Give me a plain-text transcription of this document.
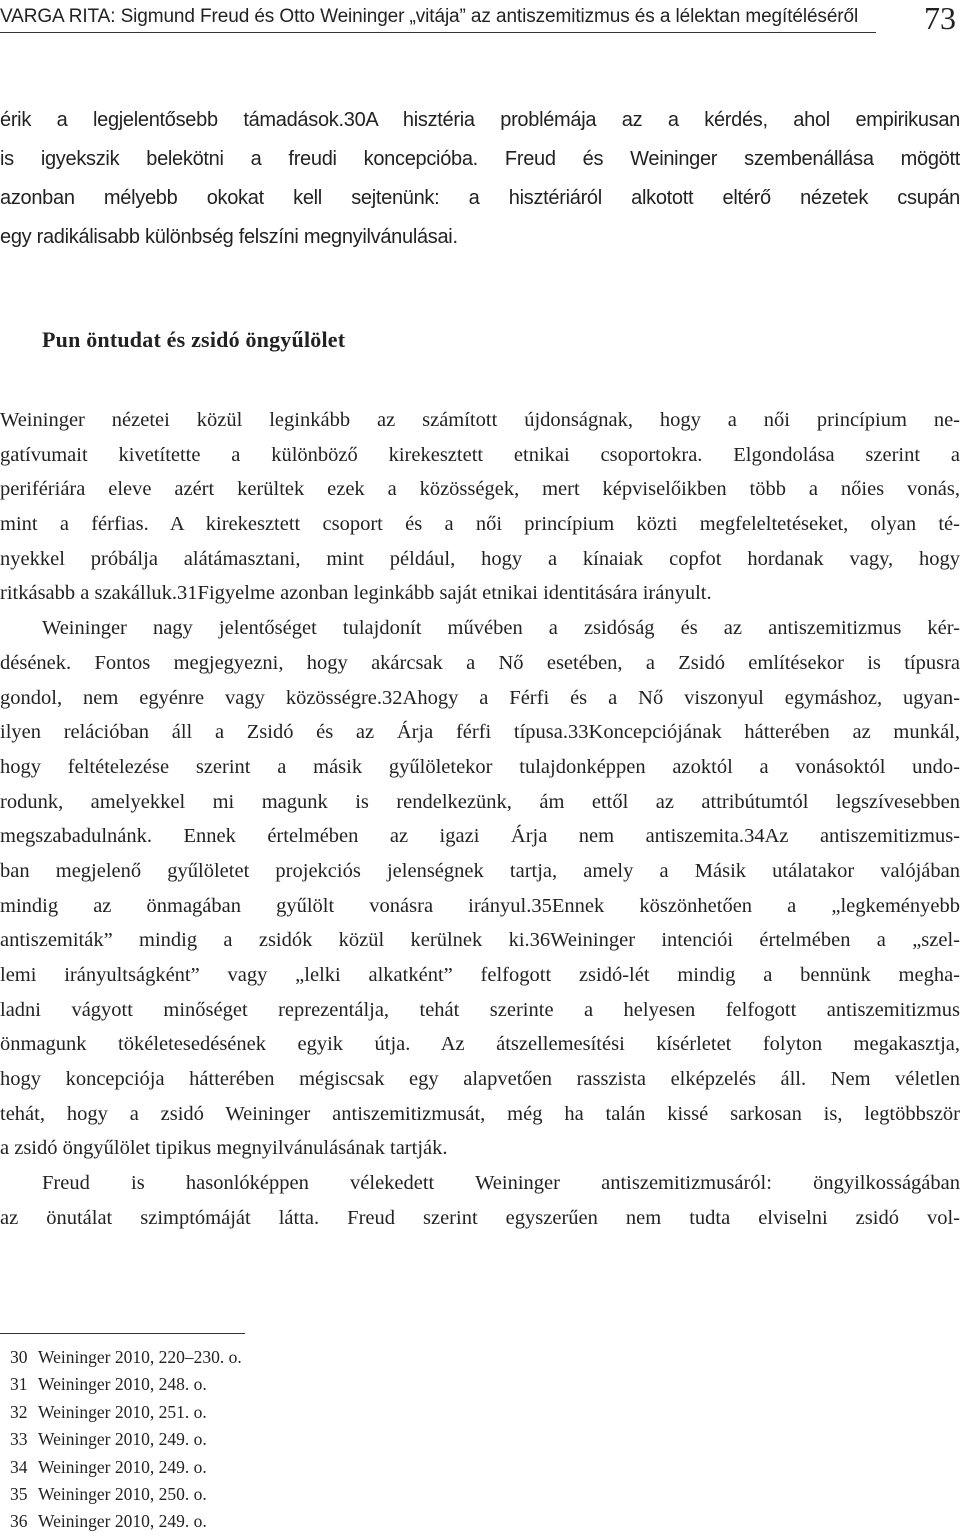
VARGA RITA: Sigmund Freud és Otto Weininger „vitája” az antiszemitizmus és a lélektan megítéléséről 73
érik a legjelentősebb támadások.30A hisztéria problémája az a kérdés, ahol empirikusan
is igyekszik belekötni a freudi koncepcióba. Freud és Weininger szembenállása mögött
azonban mélyebb okokat kell sejtenünk: a hisztériáról alkotott eltérő nézetek csupán
egy radikálisabb különbség felszíni megnyilvánulásai.
Pun öntudat és zsidó öngyűlölet
Weininger nézetei közül leginkább az számított újdonságnak, hogy a női princípium ne-
gatívumait kivetítette a különböző kirekesztett etnikai csoportokra. Elgondolása szerint a
perifériára eleve azért kerültek ezek a közösségek, mert képviselőikben több a nőies vonás,
mint a férfias. A kirekesztett csoport és a női princípium közti megfeleltetéseket, olyan té-
nyekkel próbálja alátámasztani, mint például, hogy a kínaiak copfot hordanak vagy, hogy
ritkásabb a szakálluk.31Figyelme azonban leginkább saját etnikai identitására irányult.
Weininger nagy jelentőséget tulajdonít művében a zsidóság és az antiszemitizmus kér-
désének. Fontos megjegyezni, hogy akárcsak a Nő esetében, a Zsidó említésekor is típusra
gondol, nem egyénre vagy közösségre.32Ahogy a Férfi és a Nő viszonyul egymáshoz, ugyan-
ilyen relációban áll a Zsidó és az Árja férfi típusa.33Koncepciójának hátterében az munkál,
hogy feltételezése szerint a másik gyűlöletekor tulajdonképpen azoktól a vonásoktól undo-
rodunk, amelyekkel mi magunk is rendelkezünk, ám ettől az attribútumtól legszívesebben
megszabadulnánk. Ennek értelmében az igazi Árja nem antiszemita.34Az antiszemitizmus-
ban megjelenő gyűlöletet projekciós jelenségnek tartja, amely a Másik utálatakor valójában
mindig az önmagában gyűlölt vonásra irányul.35Ennek köszönhetően a „legkeményebb
antiszemiták” mindig a zsidók közül kerülnek ki.36Weininger intenciói értelmében a „szel-
lemi irányultságként” vagy „lelki alkatként” felfogott zsidó-lét mindig a bennünk megha-
ladni vágyott minőséget reprezentálja, tehát szerinte a helyesen felfogott antiszemitizmus
önmagunk tökéletesedésének egyik útja. Az átszellemesítési kísérletet folyton megakasztja,
hogy koncepciója hátterében mégiscsak egy alapvetően rasszista elképzelés áll. Nem véletlen
tehát, hogy a zsidó Weininger antiszemitizmusát, még ha talán kissé sarkosan is, legtöbbször
a zsidó öngyűlölet tipikus megnyilvánulásának tartják.
Freud is hasonlóképpen vélekedett Weininger antiszemitizmusáról: öngyilkosságában
az önutálat szimptómáját látta. Freud szerint egyszerűen nem tudta elviselni zsidó vol-
30 Weininger 2010, 220–230. o.
31 Weininger 2010, 248. o.
32 Weininger 2010, 251. o.
33 Weininger 2010, 249. o.
34 Weininger 2010, 249. o.
35 Weininger 2010, 250. o.
36 Weininger 2010, 249. o.
